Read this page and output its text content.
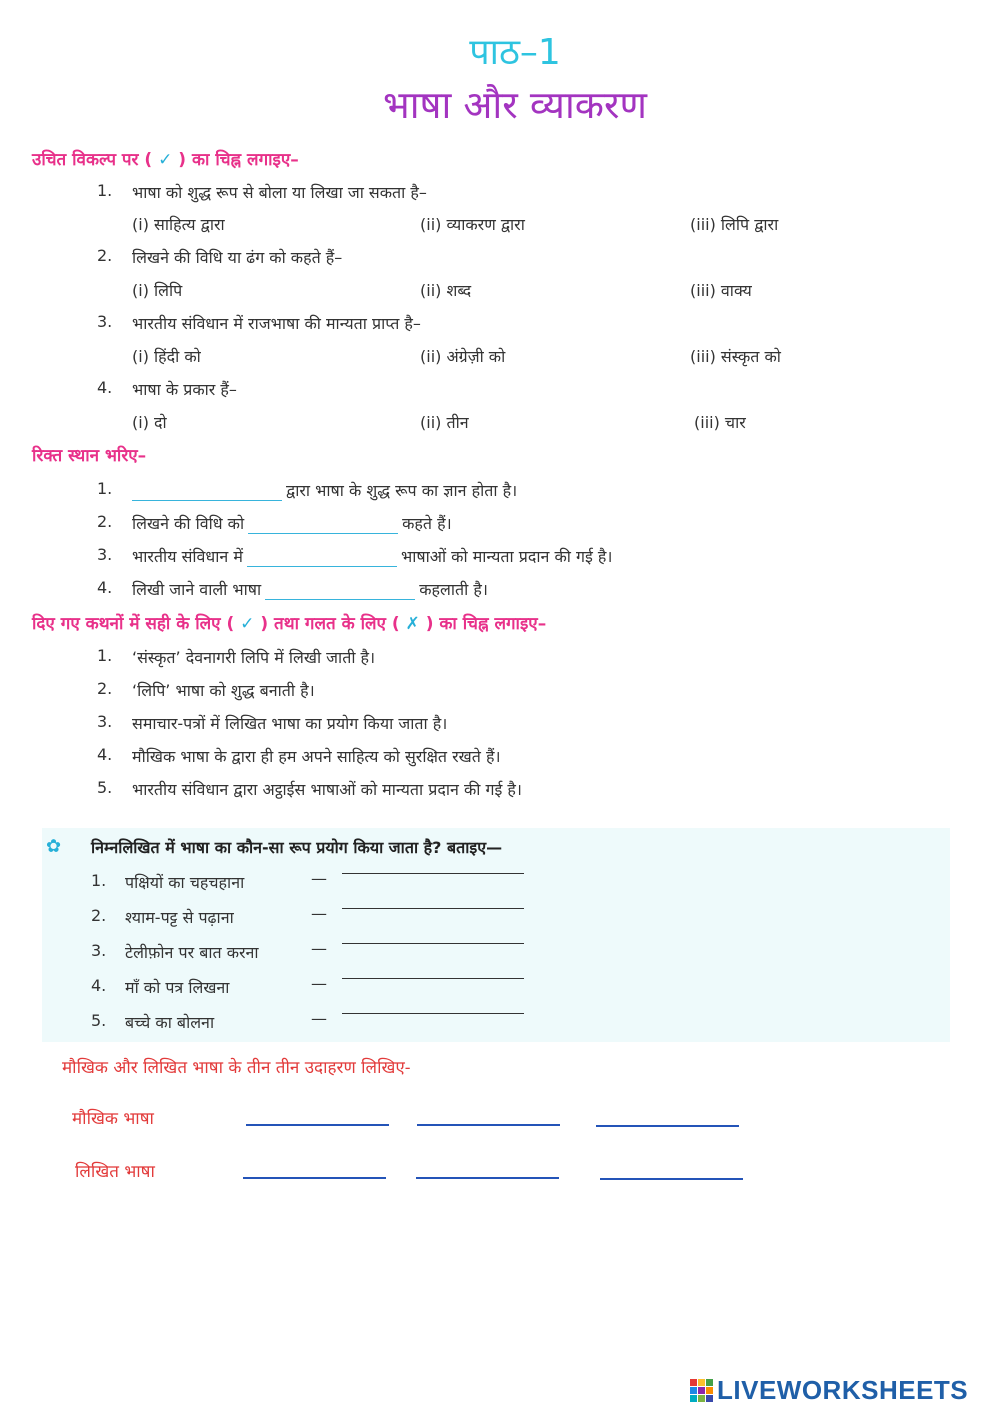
पाठ–1
भाषा और व्याकरण
उचित विकल्प पर ( ✓ ) का चिह्न लगाइए–
1. भाषा को शुद्ध रूप से बोला या लिखा जा सकता है–
(i) साहित्य द्वारा	(ii) व्याकरण द्वारा	(iii) लिपि द्वारा
2. लिखने की विधि या ढंग को कहते हैं–
(i) लिपि	(ii) शब्द	(iii) वाक्य
3. भारतीय संविधान में राजभाषा की मान्यता प्राप्त है–
(i) हिंदी को	(ii) अंग्रेज़ी को	(iii) संस्कृत को
4. भाषा के प्रकार हैं–
(i) दो	(ii) तीन	(iii) चार
रिक्त स्थान भरिए–
1.	द्वारा भाषा के शुद्ध रूप का ज्ञान होता है।
2. लिखने की विधि को	कहते हैं।
3. भारतीय संविधान में	भाषाओं को मान्यता प्रदान की गई है।
4. लिखी जाने वाली भाषा	कहलाती है।
दिए गए कथनों में सही के लिए ( ✓ ) तथा गलत के लिए ( ✗ ) का चिह्न लगाइए–
1. ‘संस्कृत’ देवनागरी लिपि में लिखी जाती है।
2. ‘लिपि’ भाषा को शुद्ध बनाती है।
3. समाचार-पत्रों में लिखित भाषा का प्रयोग किया जाता है।
4. मौखिक भाषा के द्वारा ही हम अपने साहित्य को सुरक्षित रखते हैं।
5. भारतीय संविधान द्वारा अट्ठाईस भाषाओं को मान्यता प्रदान की गई है।
✿ निम्नलिखित में भाषा का कौन-सा रूप प्रयोग किया जाता है? बताइए—
1. पक्षियों का चहचहाना	—
2. श्याम-पट्ट से पढ़ाना	—
3. टेलीफ़ोन पर बात करना	—
4. माँ को पत्र लिखना	—
5. बच्चे का बोलना	—
मौखिक और लिखित भाषा के तीन तीन उदाहरण लिखिए-
मौखिक भाषा
लिखित भाषा
LIVEWORKSHEETS
